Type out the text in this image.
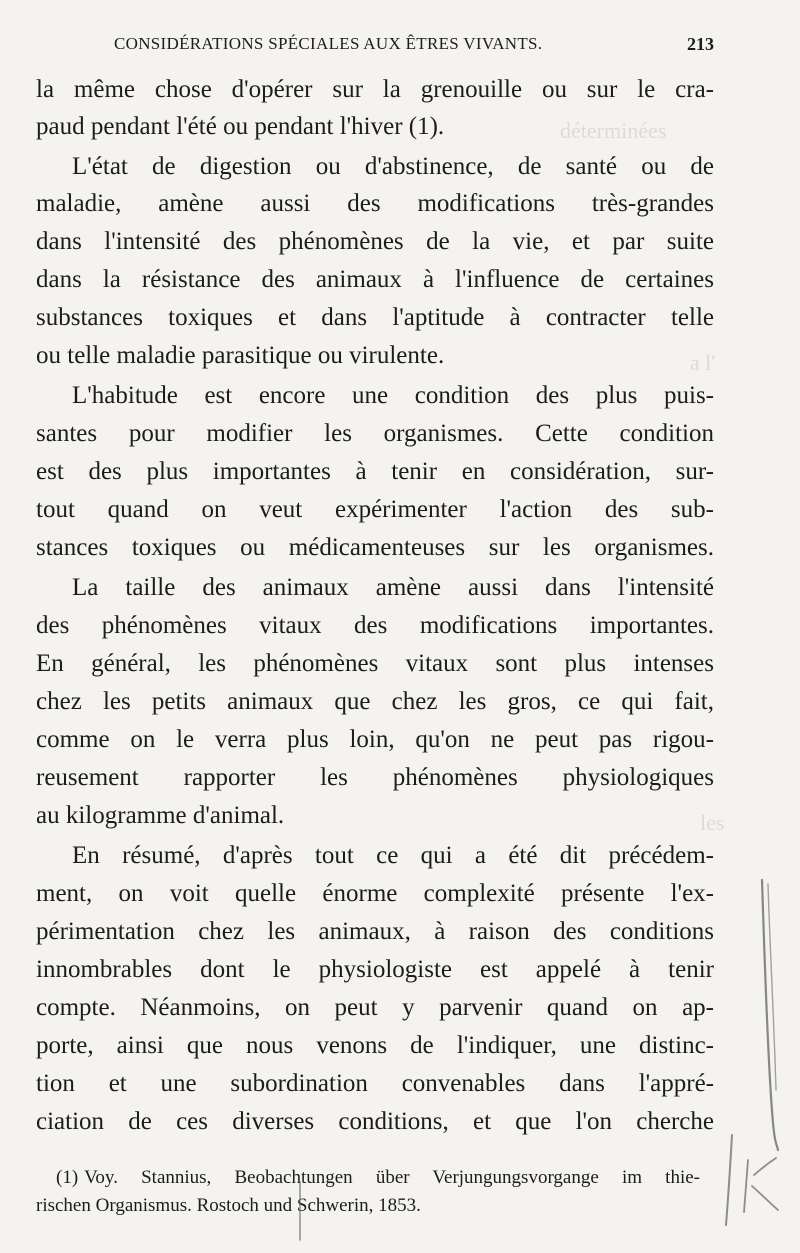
déterminées
a l'
les
CONSIDÉRATIONS SPÉCIALES AUX ÊTRES VIVANTS.	213
la même chose d'opérer sur la grenouille ou sur le cra-
paud pendant l'été ou pendant l'hiver (1).
L'état de digestion ou d'abstinence, de santé ou de
maladie, amène aussi des modifications très-grandes
dans l'intensité des phénomènes de la vie, et par suite
dans la résistance des animaux à l'influence de certaines
substances toxiques et dans l'aptitude à contracter telle
ou telle maladie parasitique ou virulente.
L'habitude est encore une condition des plus puis-
santes pour modifier les organismes. Cette condition
est des plus importantes à tenir en considération, sur-
tout quand on veut expérimenter l'action des sub-
stances toxiques ou médicamenteuses sur les organismes.
La taille des animaux amène aussi dans l'intensité
des phénomènes vitaux des modifications importantes.
En général, les phénomènes vitaux sont plus intenses
chez les petits animaux que chez les gros, ce qui fait,
comme on le verra plus loin, qu'on ne peut pas rigou-
reusement rapporter les phénomènes physiologiques
au kilogramme d'animal.
En résumé, d'après tout ce qui a été dit précédem-
ment, on voit quelle énorme complexité présente l'ex-
périmentation chez les animaux, à raison des conditions
innombrables dont le physiologiste est appelé à tenir
compte. Néanmoins, on peut y parvenir quand on ap-
porte, ainsi que nous venons de l'indiquer, une distinc-
tion et une subordination convenables dans l'appré-
ciation de ces diverses conditions, et que l'on cherche
(1) Voy. Stannius, Beobachtungen über Verjungungsvorgange im thie-
rischen Organismus. Rostoch und Schwerin, 1853.
